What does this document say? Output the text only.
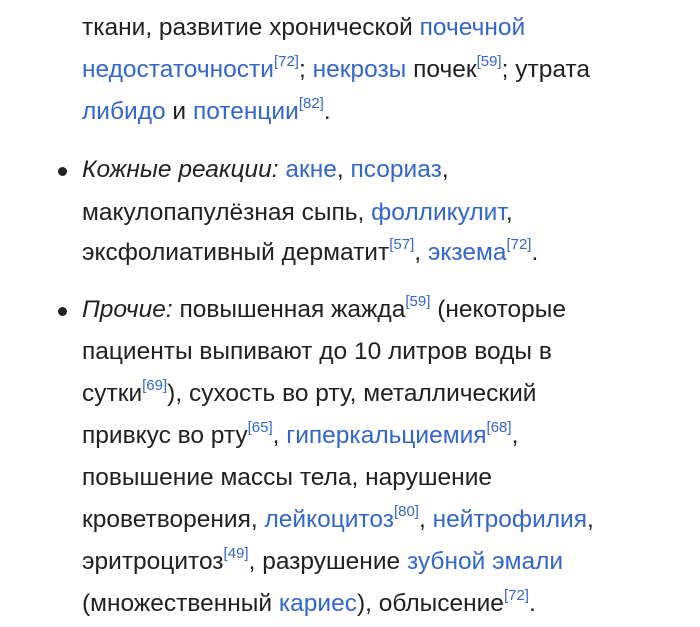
ткани, развитие хронической почечной
недостаточности[72]; некрозы почек[59]; утрата
либидо и потенции[82].
Кожные реакции: акне, псориаз,
макулопапулёзная сыпь, фолликулит,
эксфолиативный дерматит[57], экзема[72].
Прочие: повышенная жажда[59] (некоторые
пациенты выпивают до 10 литров воды в
сутки[69]), сухость во рту, металлический
привкус во рту[65], гиперкальциемия[68],
повышение массы тела, нарушение
кроветворения, лейкоцитоз[80], нейтрофилия,
эритроцитоз[49], разрушение зубной эмали
(множественный кариес), облысение[72].
